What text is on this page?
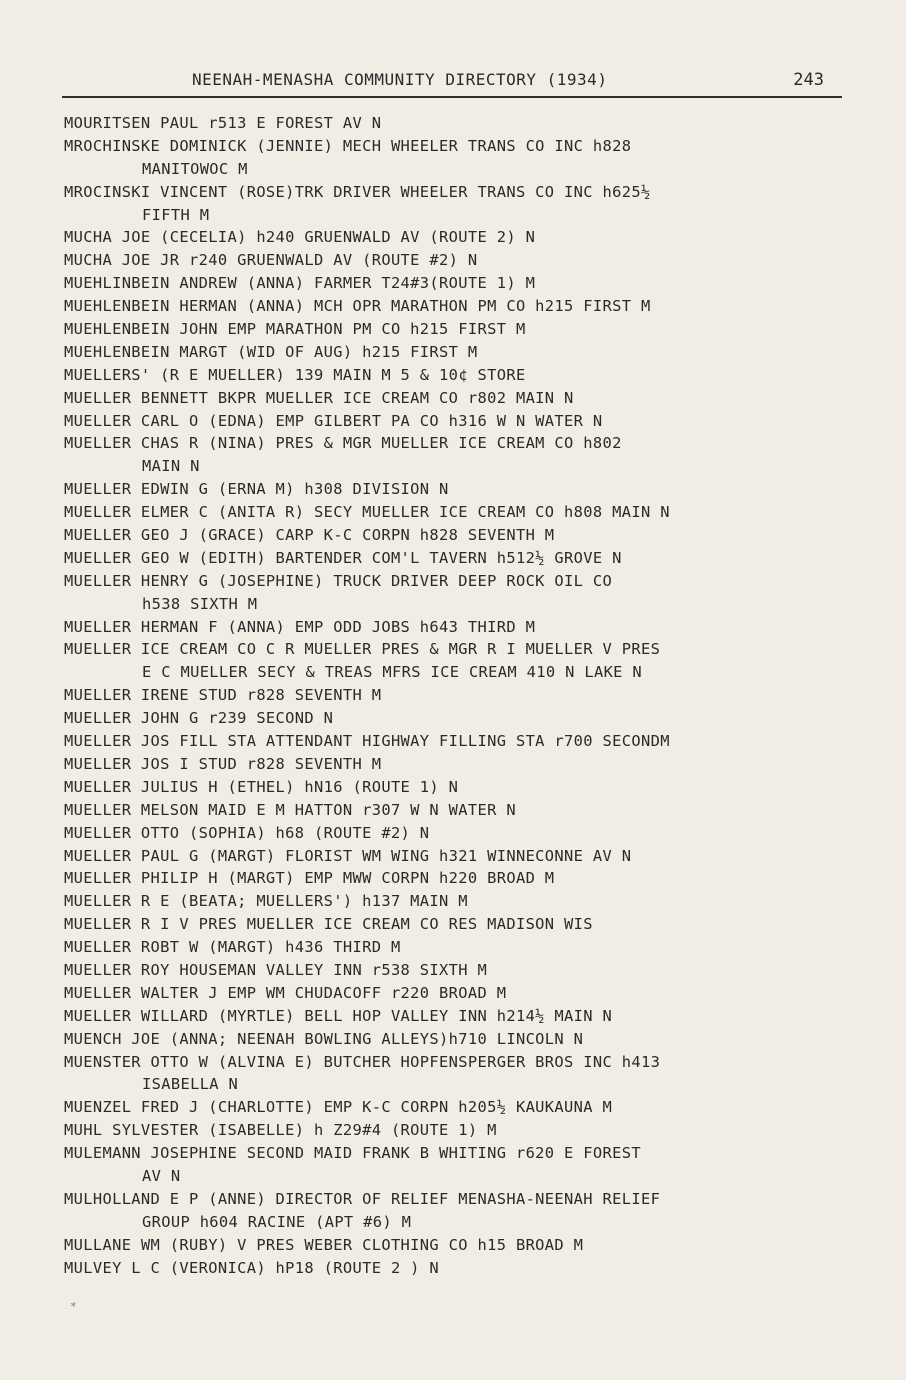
NEENAH-MENASHA COMMUNITY DIRECTORY (1934)	243
MOURITSEN PAUL r513 E FOREST AV N
MROCHINSKE DOMINICK (JENNIE) MECH WHEELER TRANS CO INC h828
MANITOWOC M
MROCINSKI VINCENT (ROSE)TRK DRIVER WHEELER TRANS CO INC h625½
FIFTH M
MUCHA JOE (CECELIA) h240 GRUENWALD AV (ROUTE 2) N
MUCHA JOE JR r240 GRUENWALD AV (ROUTE #2) N
MUEHLINBEIN ANDREW (ANNA) FARMER T24#3(ROUTE 1) M
MUEHLENBEIN HERMAN (ANNA) MCH OPR MARATHON PM CO h215 FIRST M
MUEHLENBEIN JOHN EMP MARATHON PM CO h215 FIRST M
MUEHLENBEIN MARGT (WID OF AUG) h215 FIRST M
MUELLERS' (R E MUELLER) 139 MAIN M 5 & 10¢ STORE
MUELLER BENNETT BKPR MUELLER ICE CREAM CO r802 MAIN N
MUELLER CARL O (EDNA) EMP GILBERT PA CO h316 W N WATER N
MUELLER CHAS R (NINA) PRES & MGR MUELLER ICE CREAM CO h802
MAIN N
MUELLER EDWIN G (ERNA M) h308 DIVISION N
MUELLER ELMER C (ANITA R) SECY MUELLER ICE CREAM CO h808 MAIN N
MUELLER GEO J (GRACE) CARP K-C CORPN h828 SEVENTH M
MUELLER GEO W (EDITH) BARTENDER COM'L TAVERN h512½ GROVE N
MUELLER HENRY G (JOSEPHINE) TRUCK DRIVER DEEP ROCK OIL CO
h538 SIXTH M
MUELLER HERMAN F (ANNA) EMP ODD JOBS h643 THIRD M
MUELLER ICE CREAM CO C R MUELLER PRES & MGR R I MUELLER V PRES
E C MUELLER SECY & TREAS MFRS ICE CREAM 410 N LAKE N
MUELLER IRENE STUD r828 SEVENTH M
MUELLER JOHN G r239 SECOND N
MUELLER JOS FILL STA ATTENDANT HIGHWAY FILLING STA r700 SECONDM
MUELLER JOS I STUD r828 SEVENTH M
MUELLER JULIUS H (ETHEL) hN16 (ROUTE 1) N
MUELLER MELSON MAID E M HATTON r307 W N WATER N
MUELLER OTTO (SOPHIA) h68 (ROUTE #2) N
MUELLER PAUL G (MARGT) FLORIST WM WING h321 WINNECONNE AV N
MUELLER PHILIP H (MARGT) EMP MWW CORPN h220 BROAD M
MUELLER R E (BEATA; MUELLERS') h137 MAIN M
MUELLER R I V PRES MUELLER ICE CREAM CO RES MADISON WIS
MUELLER ROBT W (MARGT) h436 THIRD M
MUELLER ROY HOUSEMAN VALLEY INN r538 SIXTH M
MUELLER WALTER J EMP WM CHUDACOFF r220 BROAD M
MUELLER WILLARD (MYRTLE) BELL HOP VALLEY INN h214½ MAIN N
MUENCH JOE (ANNA; NEENAH BOWLING ALLEYS)h710 LINCOLN N
MUENSTER OTTO W (ALVINA E) BUTCHER HOPFENSPERGER BROS INC h413
ISABELLA N
MUENZEL FRED J (CHARLOTTE) EMP K-C CORPN h205½ KAUKAUNA M
MUHL SYLVESTER (ISABELLE) h Z29#4 (ROUTE 1) M
MULEMANN JOSEPHINE SECOND MAID FRANK B WHITING r620 E FOREST
AV N
MULHOLLAND E P (ANNE) DIRECTOR OF RELIEF MENASHA-NEENAH RELIEF
GROUP h604 RACINE (APT #6) M
MULLANE WM (RUBY) V PRES WEBER CLOTHING CO h15 BROAD M
MULVEY L C (VERONICA) hP18 (ROUTE 2 ) N
*
